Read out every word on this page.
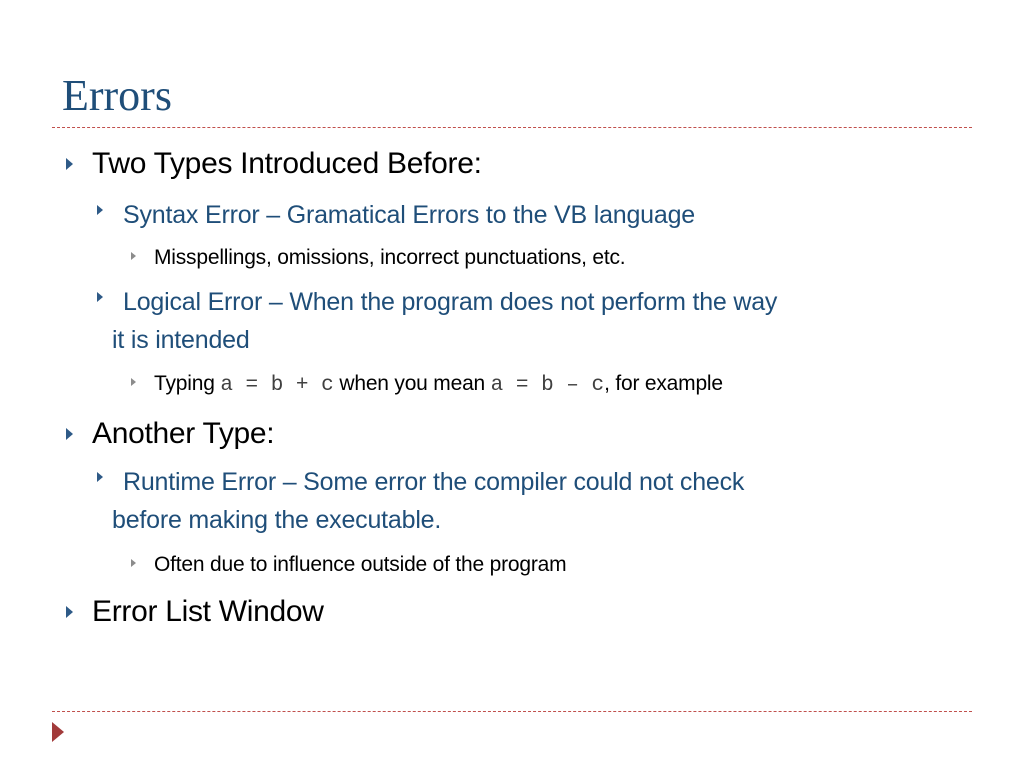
Errors
Two Types Introduced Before:
Syntax Error – Gramatical Errors to the VB language
Misspellings, omissions, incorrect punctuations, etc.
Logical Error – When the program does not perform the way
it is intended
Typing a = b + c when you mean a = b – c, for example
Another Type:
Runtime Error – Some error the compiler could not check
before making the executable.
Often due to influence outside of the program
Error List Window
